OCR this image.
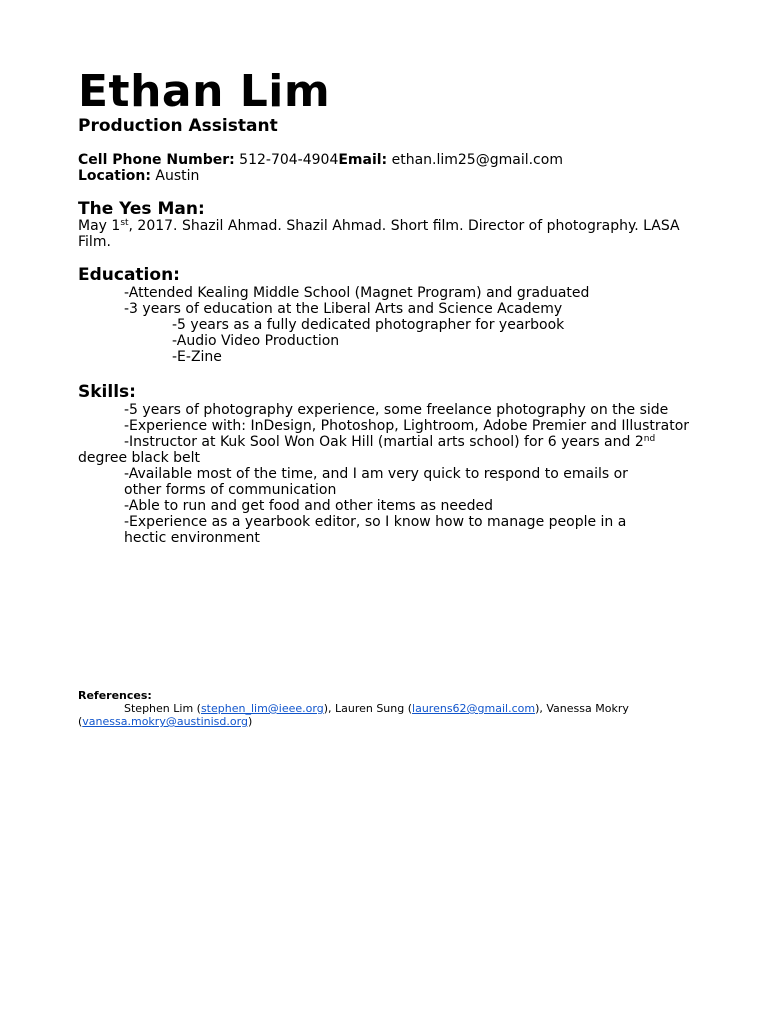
Ethan Lim
Production Assistant
Cell Phone Number: 512-704-4904Email: ethan.lim25@gmail.com
Location: Austin
The Yes Man:
May 1st, 2017. Shazil Ahmad. Shazil Ahmad. Short film. Director of photography. LASA Film.
Education:
-Attended Kealing Middle School (Magnet Program) and graduated
-3 years of education at the Liberal Arts and Science Academy
-5 years as a fully dedicated photographer for yearbook
-Audio Video Production
-E-Zine
Skills:
-5 years of photography experience, some freelance photography on the side
-Experience with: InDesign, Photoshop, Lightroom, Adobe Premier and Illustrator
-Instructor at Kuk Sool Won Oak Hill (martial arts school) for 6 years and 2nd degree black belt
-Available most of the time, and I am very quick to respond to emails or other forms of communication
-Able to run and get food and other items as needed
-Experience as a yearbook editor, so I know how to manage people in a hectic environment
References:
Stephen Lim (stephen_lim@ieee.org), Lauren Sung (laurens62@gmail.com), Vanessa Mokry (vanessa.mokry@austinisd.org)
